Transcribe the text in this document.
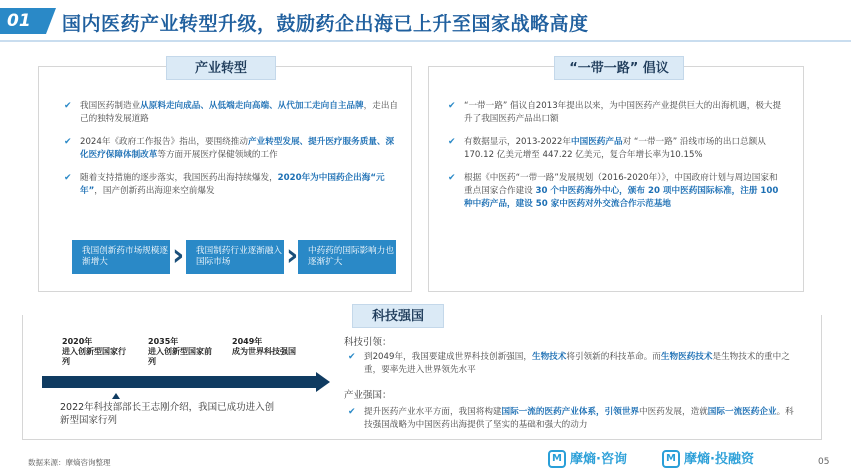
01	国内医药产业转型升级，鼓励药企出海已上升至国家战略高度
产业转型
✔ 我国医药制造业从原料走向成品、从低端走向高端、从代加工走向自主品牌，走出自己的独特发展道路
✔ 2024年《政府工作报告》指出，要围绕推动产业转型发展、提升医疗服务质量、深化医疗保障体制改革等方面开展医疗保健领域的工作
✔ 随着支持措施的逐步落实，我国医药出海持续爆发，2020年为中国药企出海“元年”，国产创新药出海迎来空前爆发
我国创新药市场规模逐渐增大	›	我国制药行业逐渐融入国际市场	›	中药药的国际影响力也逐渐扩大
“一带一路” 倡议
✔ “一带一路” 倡议自2013年提出以来，为中国医药产业提供巨大的出海机遇，极大提升了我国医药产品出口额
✔ 有数据显示，2013-2022年中国医药产品对 “一带一路” 沿线市场的出口总额从 170.12 亿美元增至 447.22 亿美元，复合年增长率为10.15%
✔ 根据《中医药“一带一路”发展规划（2016-2020年）》，中国政府计划与周边国家和重点国家合作建设 30 个中医药海外中心，颁布 20 项中医药国际标准，注册 100 种中药产品，建设 50 家中医药对外交流合作示范基地
科技强国
2020年
进入创新型国家行列
2035年
进入创新型国家前列
2049年
成为世界科技强国
2022年科技部部长王志刚介绍，我国已成功进入创新型国家行列
科技引领：
✔ 到2049年，我国要建成世界科技创新强国，生物技术将引领新的科技革命。而生物医药技术是生物技术的重中之重，要率先进入世界领先水平
产业强国：
✔ 提升医药产业水平方面，我国将构建国际一流的医药产业体系，引领世界中医药发展，造就国际一流医药企业。科技强国战略为中国医药出海提供了坚实的基础和强大的动力
数据来源：摩熵咨询整理	M 摩熵·咨询	M 摩熵·投融资	05
